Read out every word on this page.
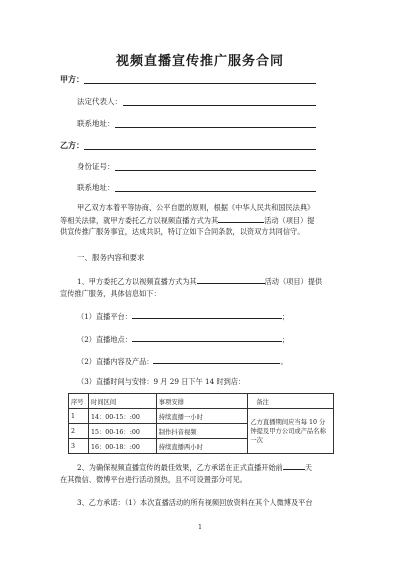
视频直播宣传推广服务合同
甲方：
法定代表人：
联系地址：
乙方：
身份证号：
联系地址：
甲乙双方本着平等协商、公平自愿的原则，根据《中华人民共和国民法典》
等相关法律，就甲方委托乙方以视频直播方式为其	活动（项目）提
供宣传推广服务事宜，达成共识，特订立如下合同条款，以资双方共同信守。
一、服务内容和要求
1、甲方委托乙方以视频直播方式为其	活动（项目）提供
宣传推广服务，具体信息如下：
（1）直播平台：	；
（2）直播地点：	；
（2）直播内容及产品：	。
（3）直播时间与安排：9 月 29 日下午 14 时到店：
序号	时间区间	事项安排	备注
1	14：00-15：:00	持续直播一小时	乙方直播期间应当每 10 分钟提及甲方公司或产品名称一次
2	15：00-16：:00	制作抖音视频	
3	16：00-18：:00	持续直播两小时	
2、为确保视频直播宣传的最佳效果，乙方承诺在正式直播开始前	天
在其微信、微博平台进行活动预热，且不可设置部分可见。
3、乙方承诺：（1）本次直播活动的所有视频回放资料在其个人微博及平台
1
